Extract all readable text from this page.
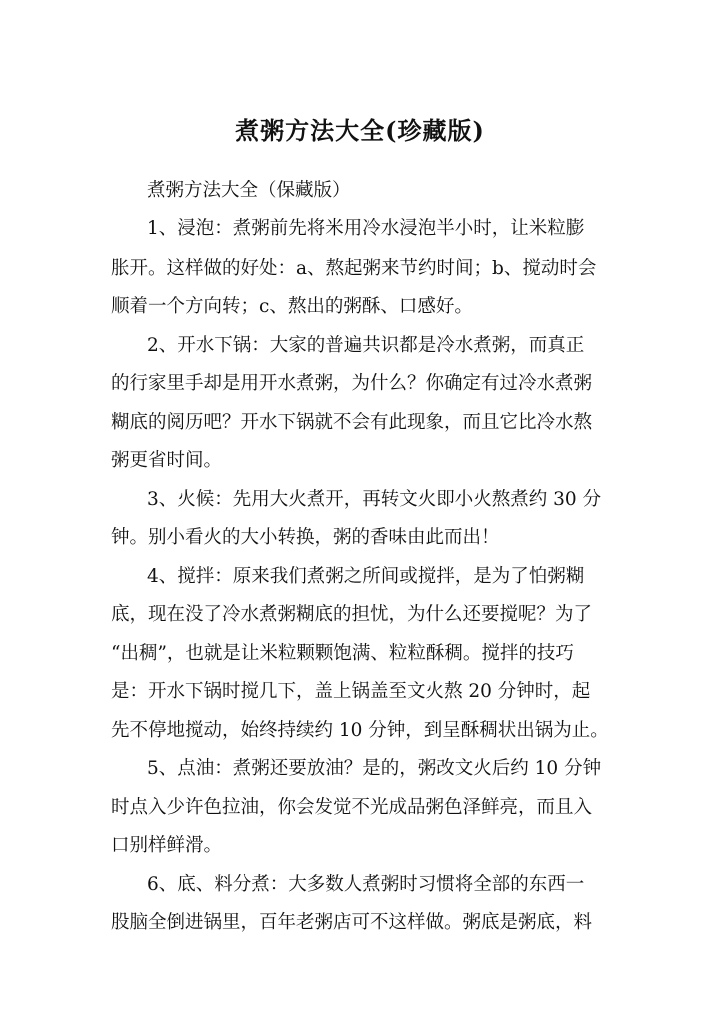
煮粥方法大全(珍藏版)
煮粥方法大全（保藏版）
1、浸泡：煮粥前先将米用冷水浸泡半小时，让米粒膨
胀开。这样做的好处：a、熬起粥来节约时间；b、搅动时会
顺着一个方向转；c、熬出的粥酥、口感好。
2、开水下锅：大家的普遍共识都是冷水煮粥，而真正
的行家里手却是用开水煮粥，为什么？你确定有过冷水煮粥
糊底的阅历吧？开水下锅就不会有此现象，而且它比冷水熬
粥更省时间。
3、火候：先用大火煮开，再转文火即小火熬煮约 30 分
钟。别小看火的大小转换，粥的香味由此而出！
4、搅拌：原来我们煮粥之所间或搅拌，是为了怕粥糊
底，现在没了冷水煮粥糊底的担忧，为什么还要搅呢？为了
“出稠”，也就是让米粒颗颗饱满、粒粒酥稠。搅拌的技巧
是：开水下锅时搅几下，盖上锅盖至文火熬 20 分钟时，起
先不停地搅动，始终持续约 10 分钟，到呈酥稠状出锅为止。
5、点油：煮粥还要放油？是的，粥改文火后约 10 分钟
时点入少许色拉油，你会发觉不光成品粥色泽鲜亮，而且入
口别样鲜滑。
6、底、料分煮：大多数人煮粥时习惯将全部的东西一
股脑全倒进锅里，百年老粥店可不这样做。粥底是粥底，料
